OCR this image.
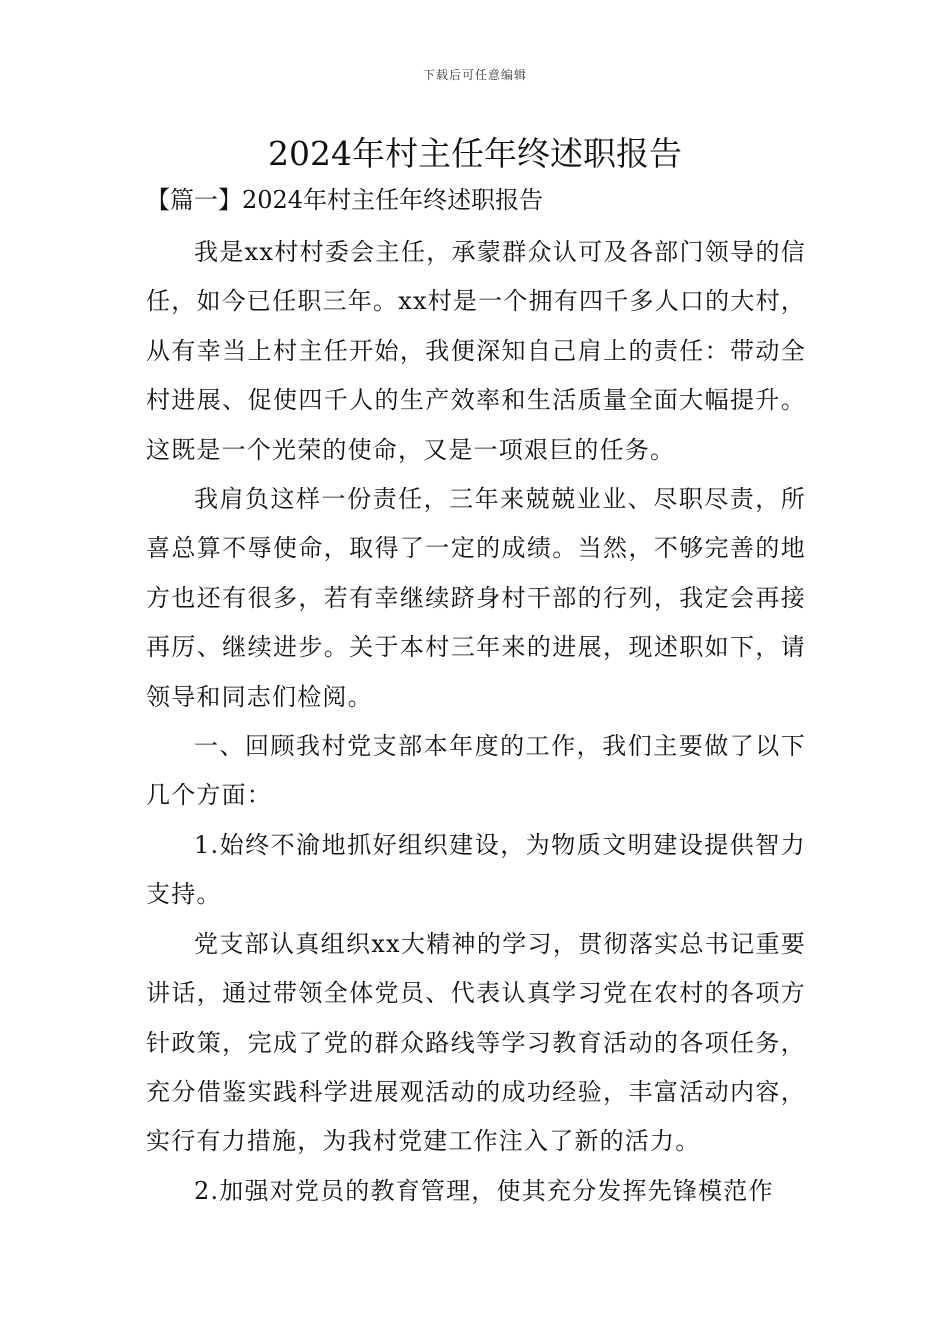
下载后可任意编辑
2024年村主任年终述职报告
【篇一】2024年村主任年终述职报告

我是xx村村委会主任，承蒙群众认可及各部门领导的信任，如今已任职三年。xx村是一个拥有四千多人口的大村，从有幸当上村主任开始，我便深知自己肩上的责任：带动全村进展、促使四千人的生产效率和生活质量全面大幅提升。这既是一个光荣的使命，又是一项艰巨的任务。

我肩负这样一份责任，三年来兢兢业业、尽职尽责，所喜总算不辱使命，取得了一定的成绩。当然，不够完善的地方也还有很多，若有幸继续跻身村干部的行列，我定会再接再厉、继续进步。关于本村三年来的进展，现述职如下，请领导和同志们检阅。

一、回顾我村党支部本年度的工作，我们主要做了以下几个方面：

1.始终不渝地抓好组织建设，为物质文明建设提供智力支持。

党支部认真组织xx大精神的学习，贯彻落实总书记重要讲话，通过带领全体党员、代表认真学习党在农村的各项方针政策，完成了党的群众路线等学习教育活动的各项任务，充分借鉴实践科学进展观活动的成功经验，丰富活动内容，实行有力措施，为我村党建工作注入了新的活力。

2.加强对党员的教育管理，使其充分发挥先锋模范作
